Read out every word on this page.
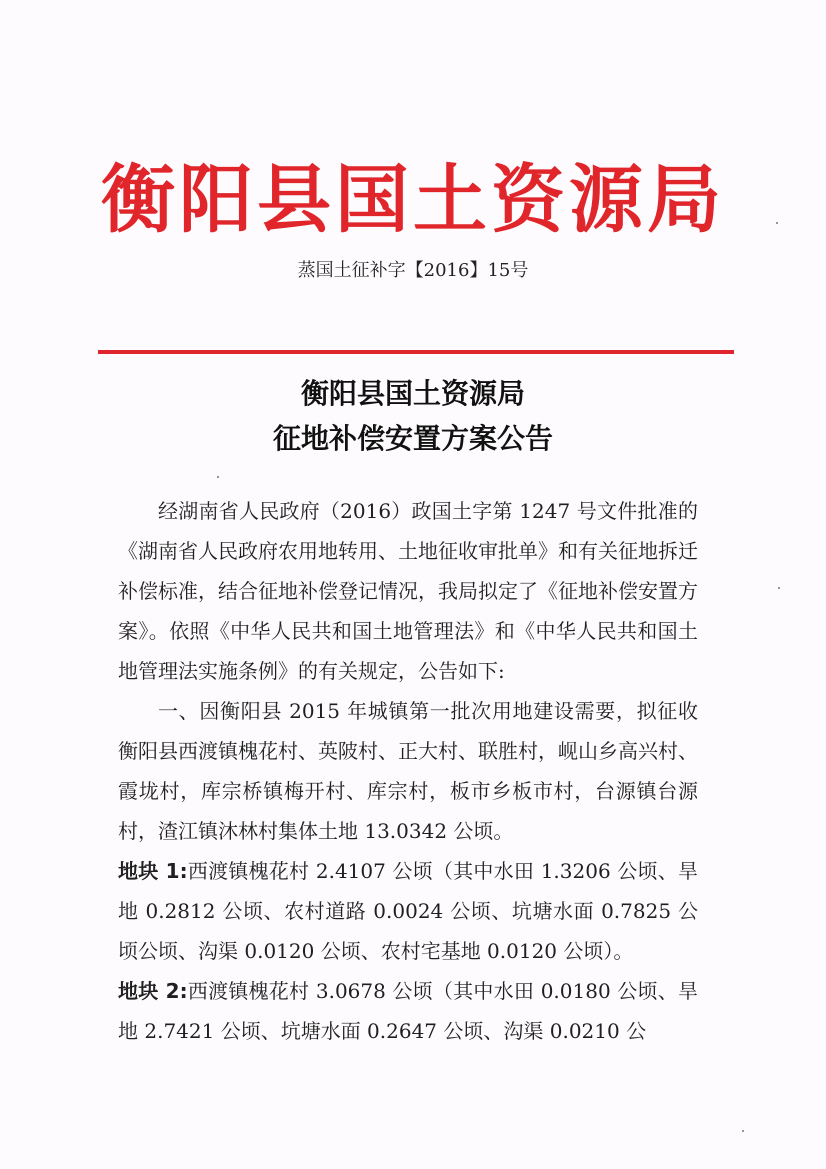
衡阳县国土资源局
蒸国土征补字【2016】15号
衡阳县国土资源局
征地补偿安置方案公告

经湖南省人民政府（2016）政国土字第 1247 号文件批准的《湖南省人民政府农用地转用、土地征收审批单》和有关征地拆迁补偿标准，结合征地补偿登记情况，我局拟定了《征地补偿安置方案》。依照《中华人民共和国土地管理法》和《中华人民共和国土地管理法实施条例》的有关规定，公告如下:

一、因衡阳县 2015 年城镇第一批次用地建设需要，拟征收衡阳县西渡镇槐花村、英陂村、正大村、联胜村，岘山乡高兴村、霞垅村，库宗桥镇梅开村、库宗村，板市乡板市村，台源镇台源村，渣江镇沐林村集体土地 13.0342 公顷。

地块 1:西渡镇槐花村 2.4107 公顷（其中水田 1.3206 公顷、旱地 0.2812 公顷、农村道路 0.0024 公顷、坑塘水面 0.7825 公顷公顷、沟渠 0.0120 公顷、农村宅基地 0.0120 公顷）。

地块 2:西渡镇槐花村 3.0678 公顷（其中水田 0.0180 公顷、旱地 2.7421 公顷、坑塘水面 0.2647 公顷、沟渠 0.0210 公
